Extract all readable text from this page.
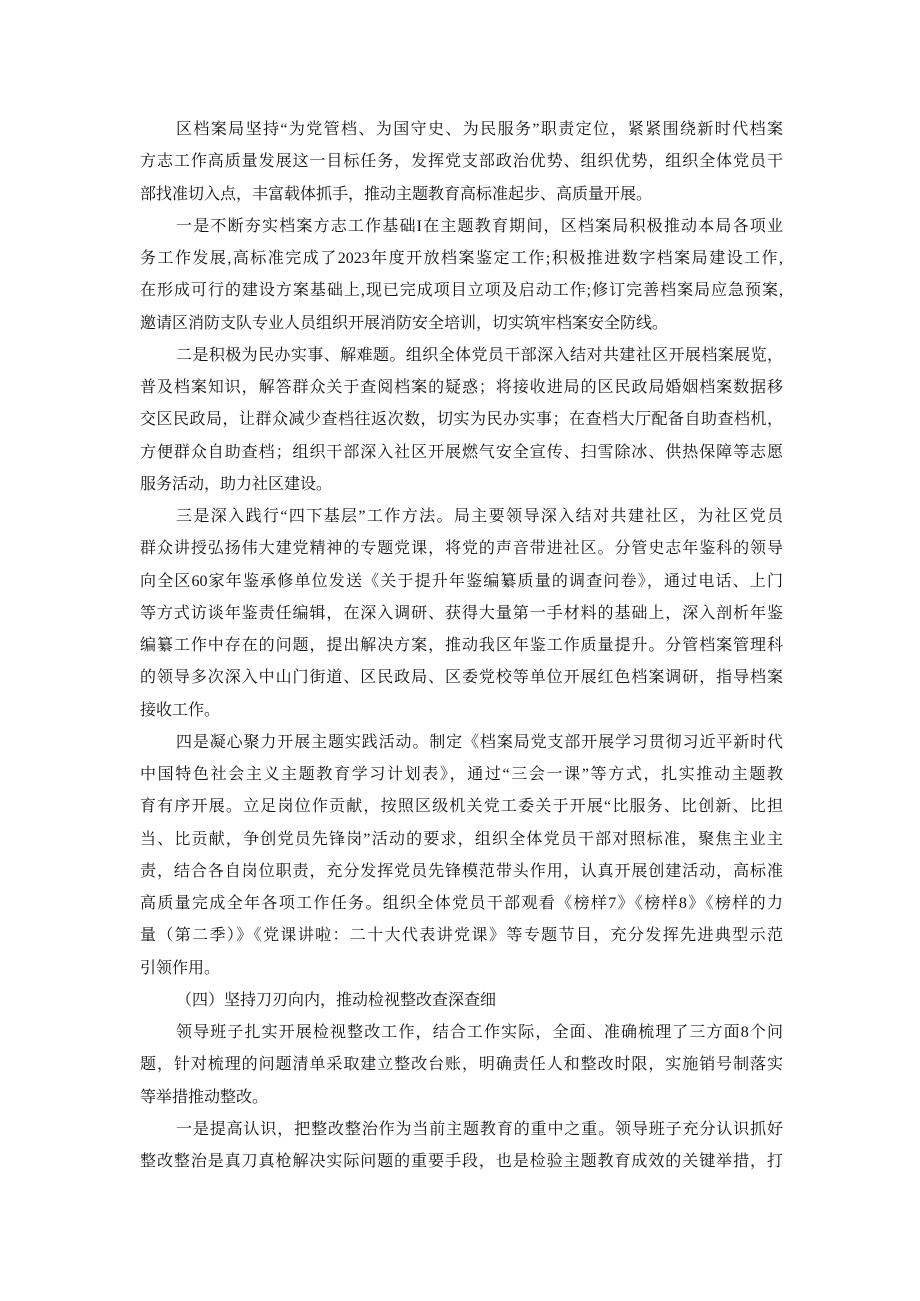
区档案局坚持“为党管档、为国守史、为民服务”职责定位，紧紧围绕新时代档案
方志工作高质量发展这一目标任务，发挥党支部政治优势、组织优势，组织全体党员干
部找准切入点，丰富载体抓手，推动主题教育高标准起步、高质量开展。
一是不断夯实档案方志工作基础I在主题教育期间，区档案局积极推动本局各项业
务工作发展,高标准完成了2023年度开放档案鉴定工作;积极推进数字档案局建设工作,
在形成可行的建设方案基础上,现已完成项目立项及启动工作;修订完善档案局应急预案,
邀请区消防支队专业人员组织开展消防安全培训，切实筑牢档案安全防线。
二是积极为民办实事、解难题。组织全体党员干部深入结对共建社区开展档案展览，
普及档案知识，解答群众关于查阅档案的疑惑；将接收进局的区民政局婚姻档案数据移
交区民政局，让群众减少查档往返次数，切实为民办实事；在查档大厅配备自助查档机，
方便群众自助查档；组织干部深入社区开展燃气安全宣传、扫雪除冰、供热保障等志愿
服务活动，助力社区建设。
三是深入践行“四下基层”工作方法。局主要领导深入结对共建社区，为社区党员
群众讲授弘扬伟大建党精神的专题党课，将党的声音带进社区。分管史志年鉴科的领导
向全区60家年鉴承修单位发送《关于提升年鉴编纂质量的调查问卷》，通过电话、上门
等方式访谈年鉴责任编辑，在深入调研、获得大量第一手材料的基础上，深入剖析年鉴
编纂工作中存在的问题，提出解决方案，推动我区年鉴工作质量提升。分管档案管理科
的领导多次深入中山门街道、区民政局、区委党校等单位开展红色档案调研，指导档案
接收工作。
四是凝心聚力开展主题实践活动。制定《档案局党支部开展学习贯彻习近平新时代
中国特色社会主义主题教育学习计划表》，通过“三会一课”等方式，扎实推动主题教
育有序开展。立足岗位作贡献，按照区级机关党工委关于开展“比服务、比创新、比担
当、比贡献，争创党员先锋岗”活动的要求，组织全体党员干部对照标准，聚焦主业主
责，结合各自岗位职责，充分发挥党员先锋模范带头作用，认真开展创建活动，高标准
高质量完成全年各项工作任务。组织全体党员干部观看《榜样7》《榜样8》《榜样的力
量（第二季）》《党课讲啦：二十大代表讲党课》等专题节目，充分发挥先进典型示范
引领作用。
（四）坚持刀刃向内，推动检视整改查深查细
领导班子扎实开展检视整改工作，结合工作实际，全面、准确梳理了三方面8个问
题，针对梳理的问题清单采取建立整改台账，明确责任人和整改时限，实施销号制落实
等举措推动整改。
一是提高认识，把整改整治作为当前主题教育的重中之重。领导班子充分认识抓好
整改整治是真刀真枪解决实际问题的重要手段，也是检验主题教育成效的关键举措，打
